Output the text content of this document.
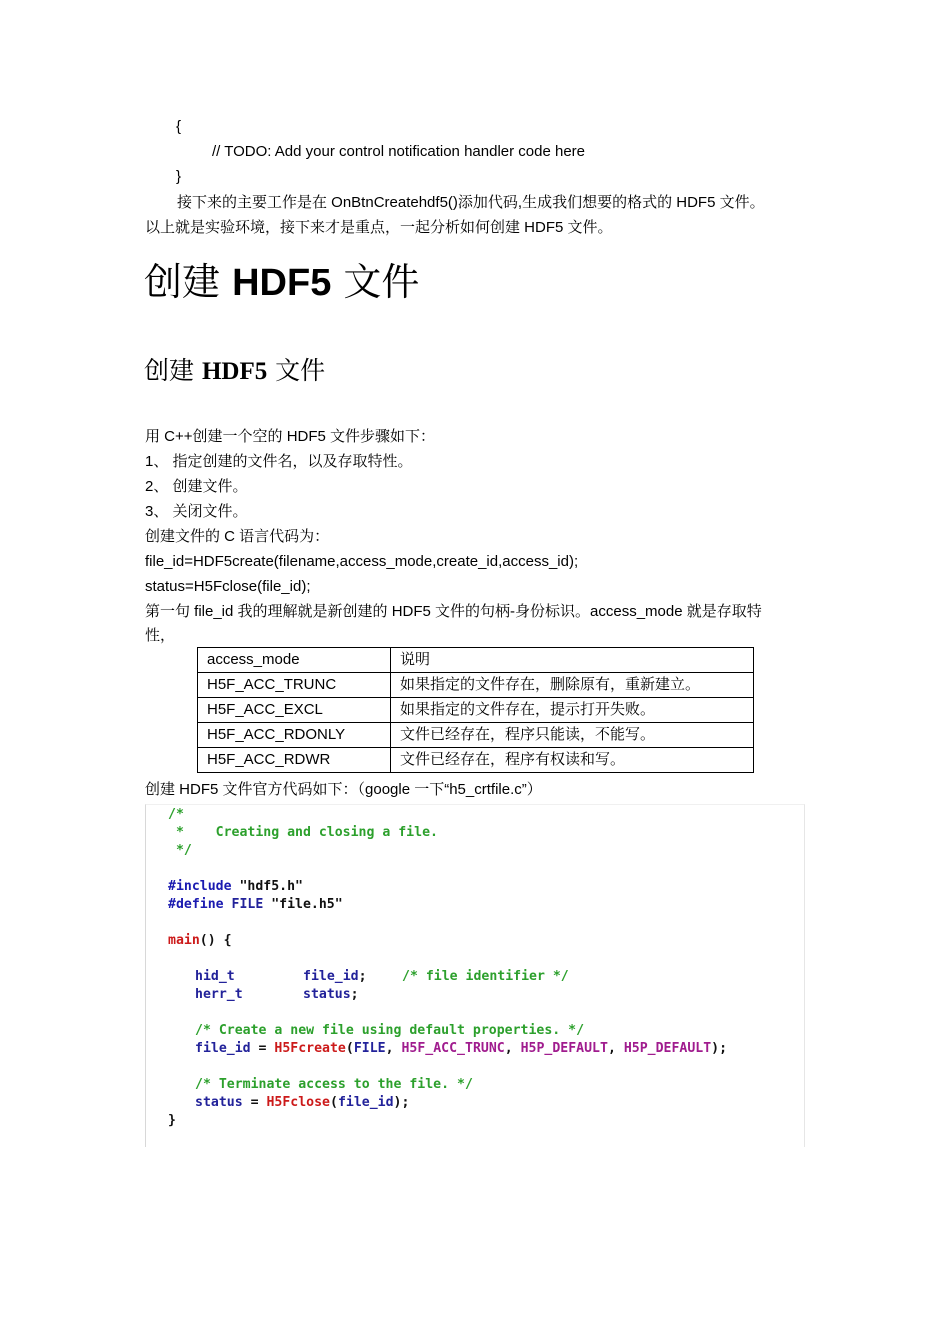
{
// TODO: Add your control notification handler code here
}
接下来的主要工作是在 OnBtnCreatehdf5()添加代码,生成我们想要的格式的 HDF5 文件。
以上就是实验环境，接下来才是重点，一起分析如何创建 HDF5 文件。
创建 HDF5 文件
创建 HDF5 文件
用 C++创建一个空的 HDF5 文件步骤如下：
1、 指定创建的文件名，以及存取特性。
2、 创建文件。
3、 关闭文件。
创建文件的 C 语言代码为：
file_id=HDF5create(filename,access_mode,create_id,access_id);
status=H5Fclose(file_id);
第一句 file_id 我的理解就是新创建的 HDF5 文件的句柄-身份标识。access_mode 就是存取特
性，
access_mode	说明
H5F_ACC_TRUNC	如果指定的文件存在，删除原有，重新建立。
H5F_ACC_EXCL	如果指定的文件存在，提示打开失败。
H5F_ACC_RDONLY	文件已经存在，程序只能读，不能写。
H5F_ACC_RDWR	文件已经存在，程序有权读和写。
创建 HDF5 文件官方代码如下：（google 一下“h5_crtfile.c”）
/*
*    Creating and closing a file.
*/
#include "hdf5.h"
#define FILE "file.h5"
main() {
hid_t	file_id;	/* file identifier */
herr_t	status;
/* Create a new file using default properties. */
file_id = H5Fcreate(FILE, H5F_ACC_TRUNC, H5P_DEFAULT, H5P_DEFAULT);
/* Terminate access to the file. */
status = H5Fclose(file_id);
}
